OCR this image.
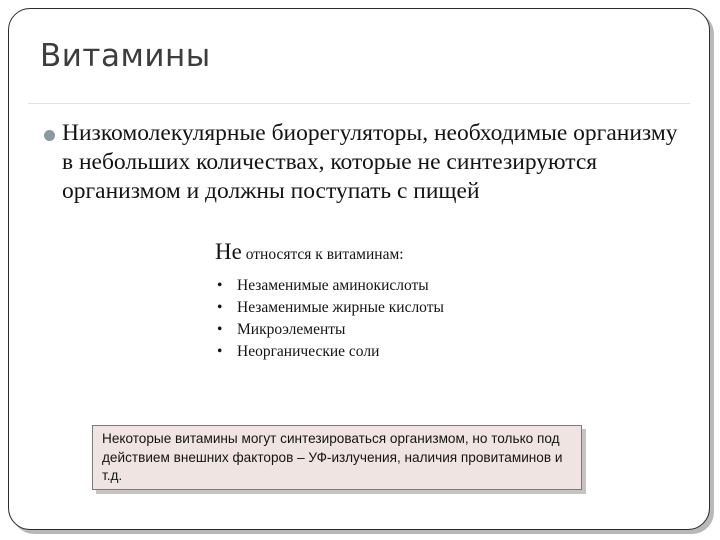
Витамины

Низкомолекулярные биорегуляторы, необходимые организму в небольших количествах, которые не синтезируются организмом и должны поступать с пищей

Не относятся к витаминам:

• Незаменимые аминокислоты
• Незаменимые жирные кислоты
• Микроэлементы
• Неорганические соли
Некоторые витамины могут синтезироваться организмом, но только под действием внешних факторов – УФ-излучения, наличия провитаминов и т.д.
